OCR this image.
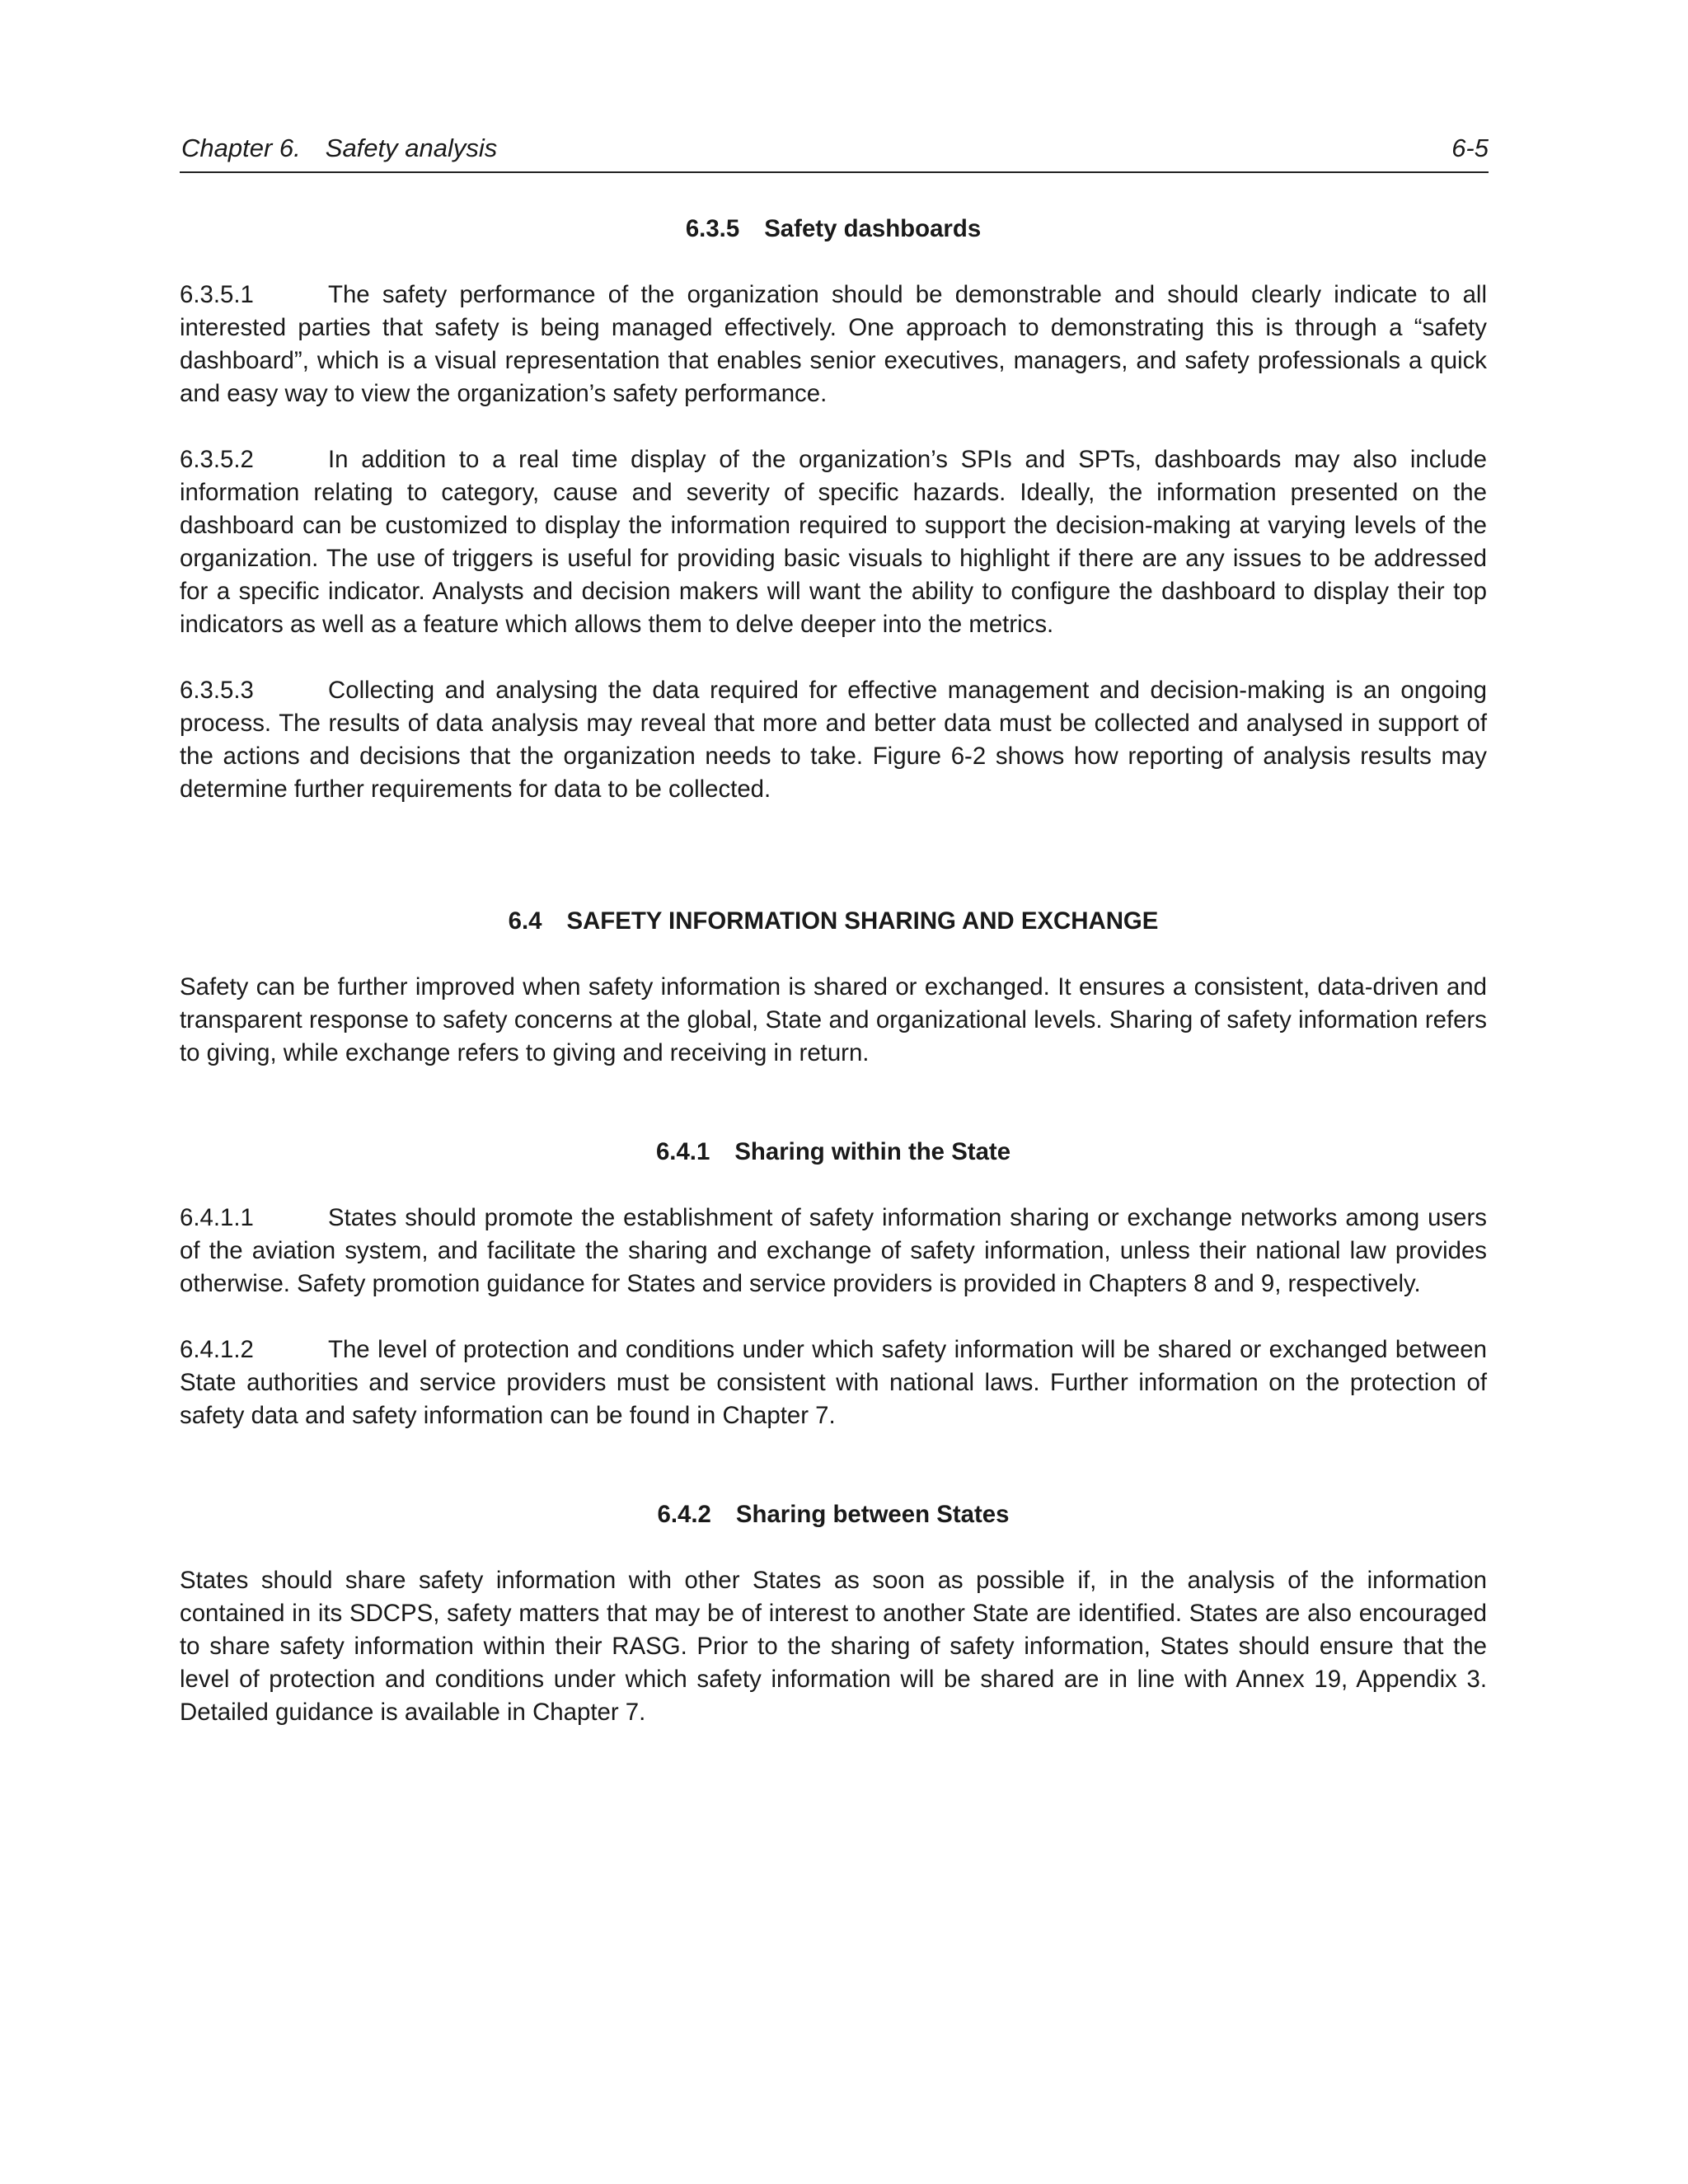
Chapter 6. Safety analysis	6-5
6.3.5 Safety dashboards

6.3.5.1	The safety performance of the organization should be demonstrable and should clearly indicate to all interested parties that safety is being managed effectively. One approach to demonstrating this is through a “safety dashboard”, which is a visual representation that enables senior executives, managers, and safety professionals a quick and easy way to view the organization’s safety performance.

6.3.5.2	In addition to a real time display of the organization’s SPIs and SPTs, dashboards may also include information relating to category, cause and severity of specific hazards. Ideally, the information presented on the dashboard can be customized to display the information required to support the decision-making at varying levels of the organization. The use of triggers is useful for providing basic visuals to highlight if there are any issues to be addressed for a specific indicator. Analysts and decision makers will want the ability to configure the dashboard to display their top indicators as well as a feature which allows them to delve deeper into the metrics.

6.3.5.3	Collecting and analysing the data required for effective management and decision-making is an ongoing process. The results of data analysis may reveal that more and better data must be collected and analysed in support of the actions and decisions that the organization needs to take. Figure 6-2 shows how reporting of analysis results may determine further requirements for data to be collected.

6.4 SAFETY INFORMATION SHARING AND EXCHANGE

Safety can be further improved when safety information is shared or exchanged. It ensures a consistent, data-driven and transparent response to safety concerns at the global, State and organizational levels. Sharing of safety information refers to giving, while exchange refers to giving and receiving in return.

6.4.1 Sharing within the State

6.4.1.1	States should promote the establishment of safety information sharing or exchange networks among users of the aviation system, and facilitate the sharing and exchange of safety information, unless their national law provides otherwise. Safety promotion guidance for States and service providers is provided in Chapters 8 and 9, respectively.

6.4.1.2	The level of protection and conditions under which safety information will be shared or exchanged between State authorities and service providers must be consistent with national laws. Further information on the protection of safety data and safety information can be found in Chapter 7.

6.4.2 Sharing between States

States should share safety information with other States as soon as possible if, in the analysis of the information contained in its SDCPS, safety matters that may be of interest to another State are identified. States are also encouraged to share safety information within their RASG. Prior to the sharing of safety information, States should ensure that the level of protection and conditions under which safety information will be shared are in line with Annex 19, Appendix 3. Detailed guidance is available in Chapter 7.
